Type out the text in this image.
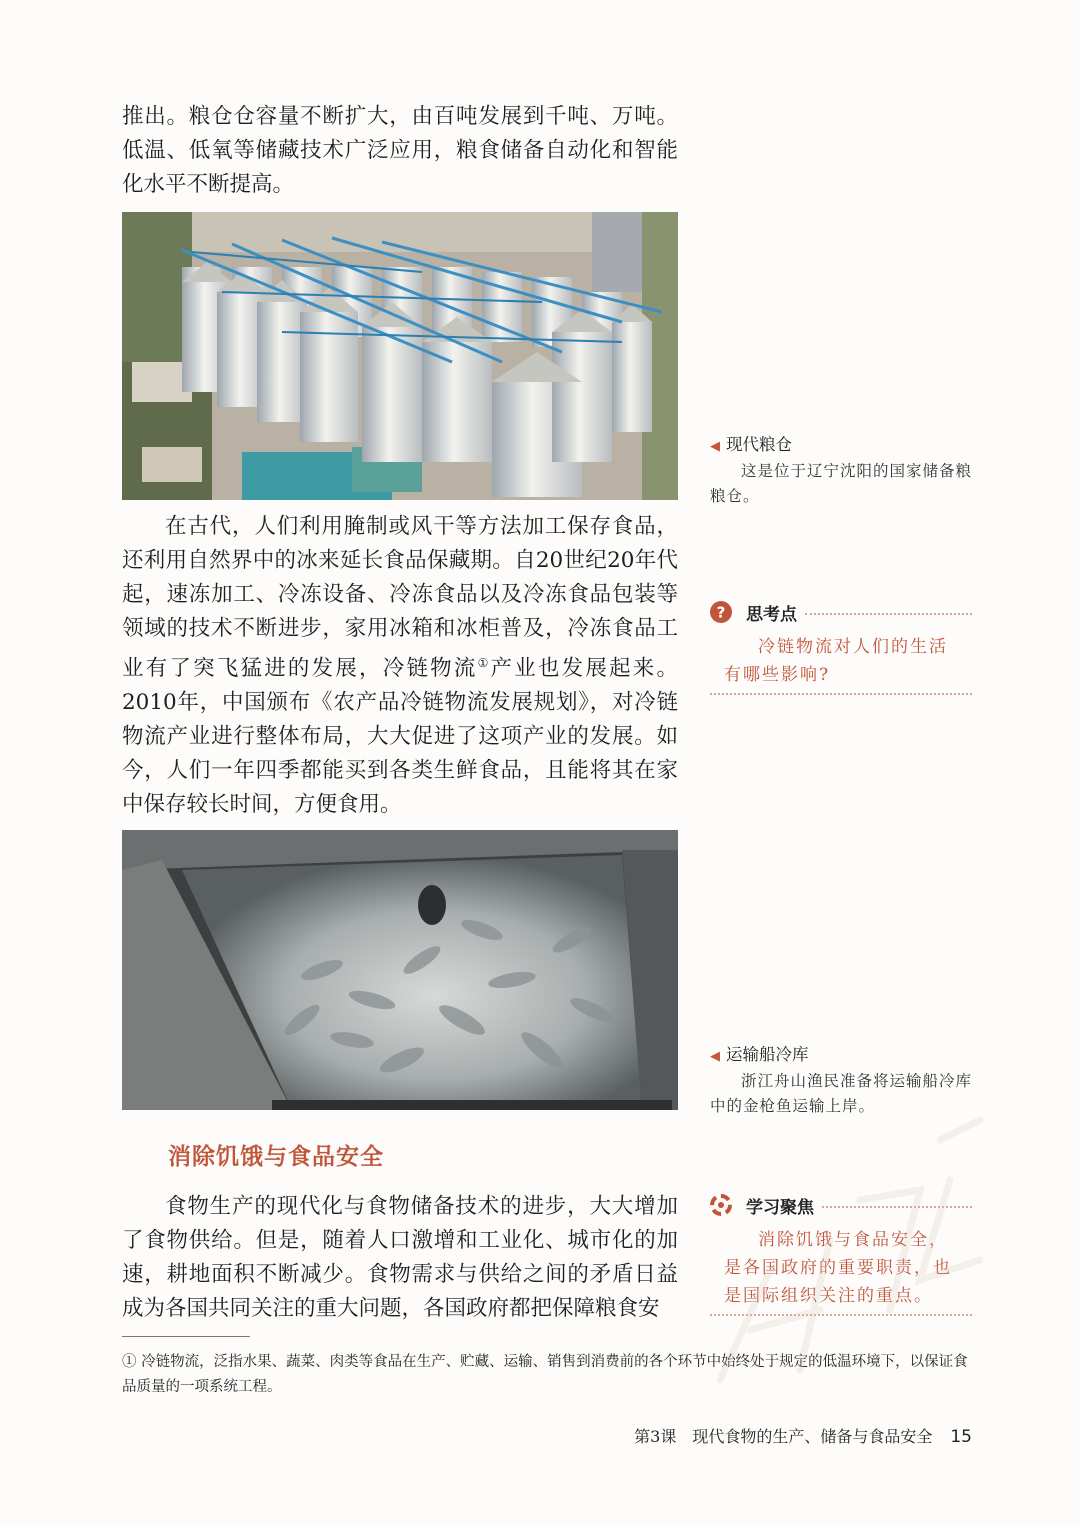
推出。粮仓仓容量不断扩大，由百吨发展到千吨、万吨。低温、低氧等储藏技术广泛应用，粮食储备自动化和智能化水平不断提高。

◀ 现代粮仓
这是位于辽宁沈阳的国家储备粮粮仓。

在古代，人们利用腌制或风干等方法加工保存食品，还利用自然界中的冰来延长食品保藏期。自20世纪20年代起，速冻加工、冷冻设备、冷冻食品以及冷冻食品包装等领域的技术不断进步，家用冰箱和冰柜普及，冷冻食品工业有了突飞猛进的发展，冷链物流①产业也发展起来。2010年，中国颁布《农产品冷链物流发展规划》，对冷链物流产业进行整体布局，大大促进了这项产业的发展。如今，人们一年四季都能买到各类生鲜食品，且能将其在家中保存较长时间，方便食用。

? 思考点
冷链物流对人们的生活有哪些影响?
◀ 运输船冷库
浙江舟山渔民准备将运输船冷库中的金枪鱼运输上岸。
消除饥饿与食品安全

食物生产的现代化与食物储备技术的进步，大大增加了食物供给。但是，随着人口激增和工业化、城市化的加速，耕地面积不断减少。食物需求与供给之间的矛盾日益成为各国共同关注的重大问题，各国政府都把保障粮食安

学习聚焦
消除饥饿与食品安全，是各国政府的重要职责，也是国际组织关注的重点。

① 冷链物流，泛指水果、蔬菜、肉类等食品在生产、贮藏、运输、销售到消费前的各个环节中始终处于规定的低温环境下，以保证食品质量的一项系统工程。

第3课　现代食物的生产、储备与食品安全 15
